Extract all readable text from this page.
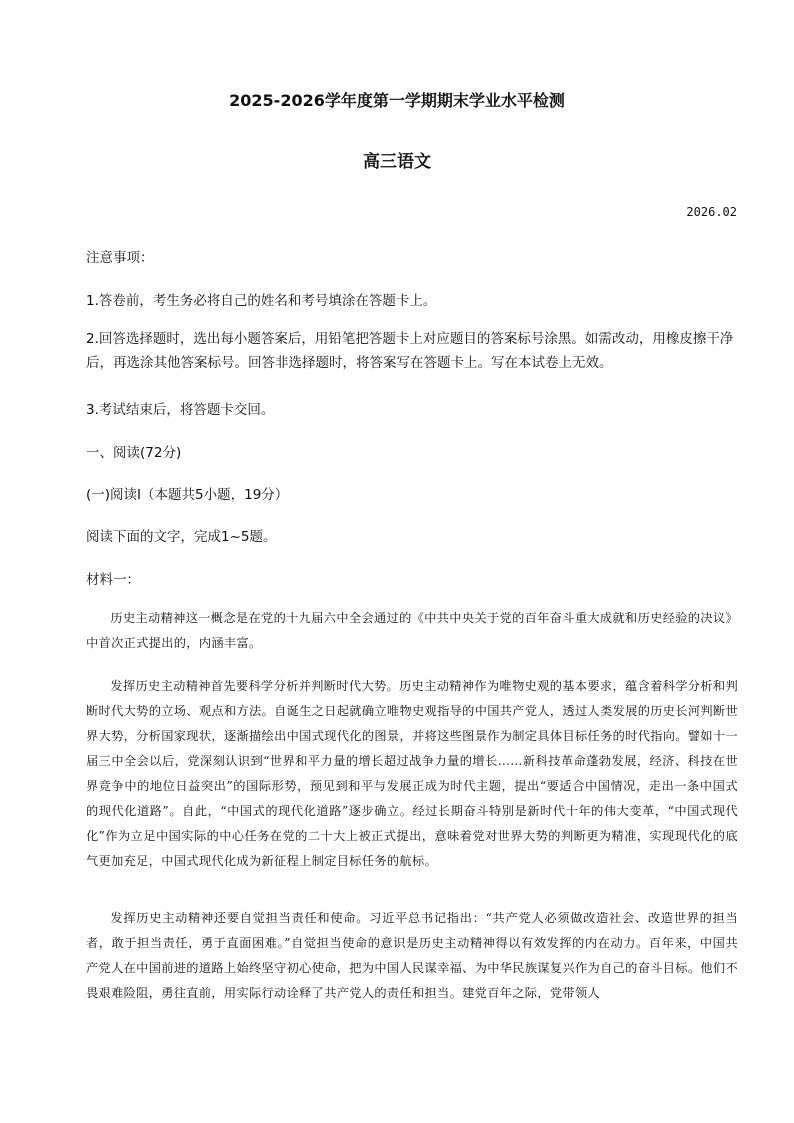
2025-2026学年度第一学期期末学业水平检测
高三语文
2026.02
注意事项：
1.答卷前，考生务必将自己的姓名和考号填涂在答题卡上。
2.回答选择题时，选出每小题答案后，用铅笔把答题卡上对应题目的答案标号涂黑。如需改动，用橡皮擦干净后，再选涂其他答案标号。回答非选择题时，将答案写在答题卡上。写在本试卷上无效。
3.考试结束后，将答题卡交回。
一、阅读(72分)
(一)阅读Ⅰ（本题共5小题，19分）
阅读下面的文字，完成1~5题。
材料一：
历史主动精神这一概念是在党的十九届六中全会通过的《中共中央关于党的百年奋斗重大成就和历史经验的决议》中首次正式提出的，内涵丰富。
发挥历史主动精神首先要科学分析并判断时代大势。历史主动精神作为唯物史观的基本要求，蕴含着科学分析和判断时代大势的立场、观点和方法。自诞生之日起就确立唯物史观指导的中国共产党人，透过人类发展的历史长河判断世界大势，分析国家现状，逐渐描绘出中国式现代化的图景，并将这些图景作为制定具体目标任务的时代指向。譬如十一届三中全会以后，党深刻认识到“世界和平力量的增长超过战争力量的增长……新科技革命蓬勃发展，经济、科技在世界竞争中的地位日益突出”的国际形势，预见到和平与发展正成为时代主题，提出“要适合中国情况，走出一条中国式的现代化道路”。自此，“中国式的现代化道路”逐步确立。经过长期奋斗特别是新时代十年的伟大变革，“中国式现代化”作为立足中国实际的中心任务在党的二十大上被正式提出，意味着党对世界大势的判断更为精准，实现现代化的底气更加充足，中国式现代化成为新征程上制定目标任务的航标。
发挥历史主动精神还要自觉担当责任和使命。习近平总书记指出：“共产党人必须做改造社会、改造世界的担当者，敢于担当责任，勇于直面困难。”自觉担当使命的意识是历史主动精神得以有效发挥的内在动力。百年来，中国共产党人在中国前进的道路上始终坚守初心使命，把为中国人民谋幸福、为中华民族谋复兴作为自己的奋斗目标。他们不畏艰难险阻，勇往直前，用实际行动诠释了共产党人的责任和担当。建党百年之际，党带领人
